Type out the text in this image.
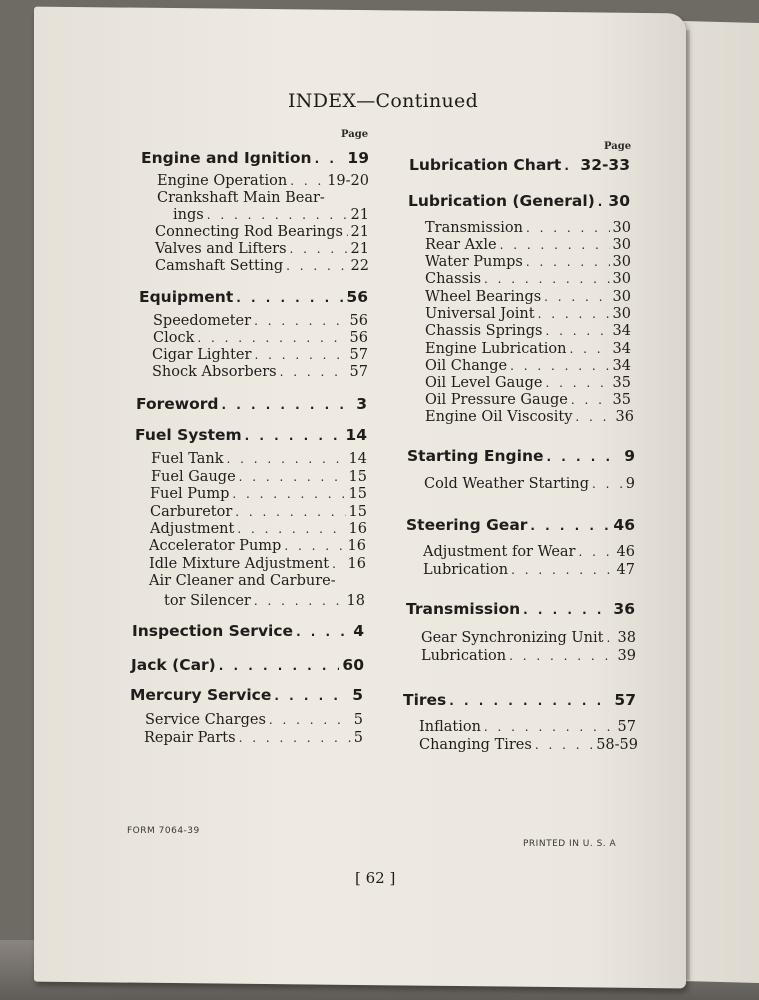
INDEX—Continued
Page
Page
Engine and Ignition . . . 19
Engine Operation . . .	19-20
Crankshaft Main Bear-
ings . . .	21
Connecting Rod Bearings . . . 21
Valves and Lifters . . .	21
Camshaft Setting . . .	22
Equipment . . .	56
Speedometer . . .	56
Clock . . .	56
Cigar Lighter . . .	57
Shock Absorbers . . .	57
Foreword . . .	3
Fuel System . . .	14
Fuel Tank . . .	14
Fuel Gauge . . .	15
Fuel Pump . . .	15
Carburetor . . .	15
Adjustment . . .	16
Accelerator Pump . . .	16
Idle Mixture Adjustment . . . 16
Air Cleaner and Carbure-
tor Silencer . . .	18
Inspection Service . . .	4
Jack (Car) . . .	60
Mercury Service . . .	5
Service Charges . . .	5
Repair Parts . . .	5
Lubrication Chart . . . 32-33
Lubrication (General) . . . 30
Transmission . . .	30
Rear Axle . . .	30
Water Pumps . . .	30
Chassis . . .	30
Wheel Bearings . . .	30
Universal Joint . . .	30
Chassis Springs . . .	34
Engine Lubrication . . .	34
Oil Change . . .	34
Oil Level Gauge . . .	35
Oil Pressure Gauge . . .	35
Engine Oil Viscosity . . .	36
Starting Engine . . .	9
Cold Weather Starting . . .	9
Steering Gear . . .	46
Adjustment for Wear . . .	46
Lubrication . . .	47
Transmission . . .	36
Gear Synchronizing Unit . . . 38
Lubrication . . .	39
Tires . . .	57
Inflation . . .	57
Changing Tires . . .	58-59
FORM 7064-39
PRINTED IN U. S. A
[ 62 ]
